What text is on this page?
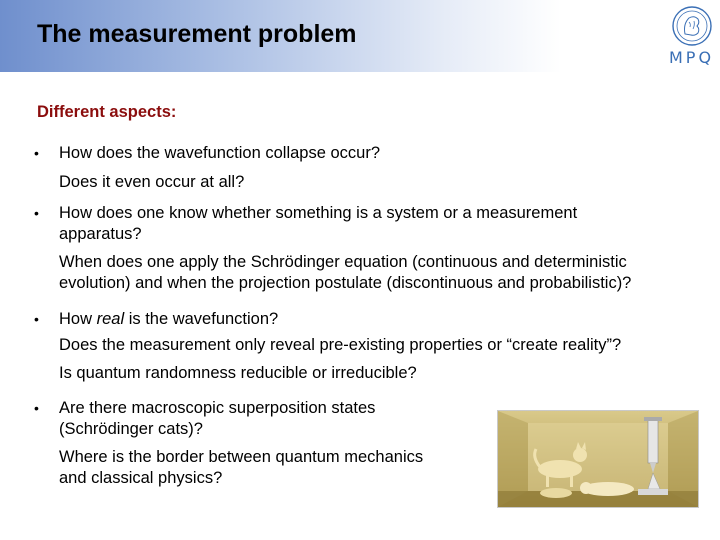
The measurement problem
MPQ
Different aspects:
• How does the wavefunction collapse occur?
Does it even occur at all?
• How does one know whether something is a system or a measurement
apparatus?
When does one apply the Schrödinger equation (continuous and deterministic
evolution) and when the projection postulate (discontinuous and probabilistic)?
• How real is the wavefunction?
Does the measurement only reveal pre-existing properties or “create reality”?
Is quantum randomness reducible or irreducible?
• Are there macroscopic superposition states
(Schrödinger cats)?
Where is the border between quantum mechanics
and classical physics?
